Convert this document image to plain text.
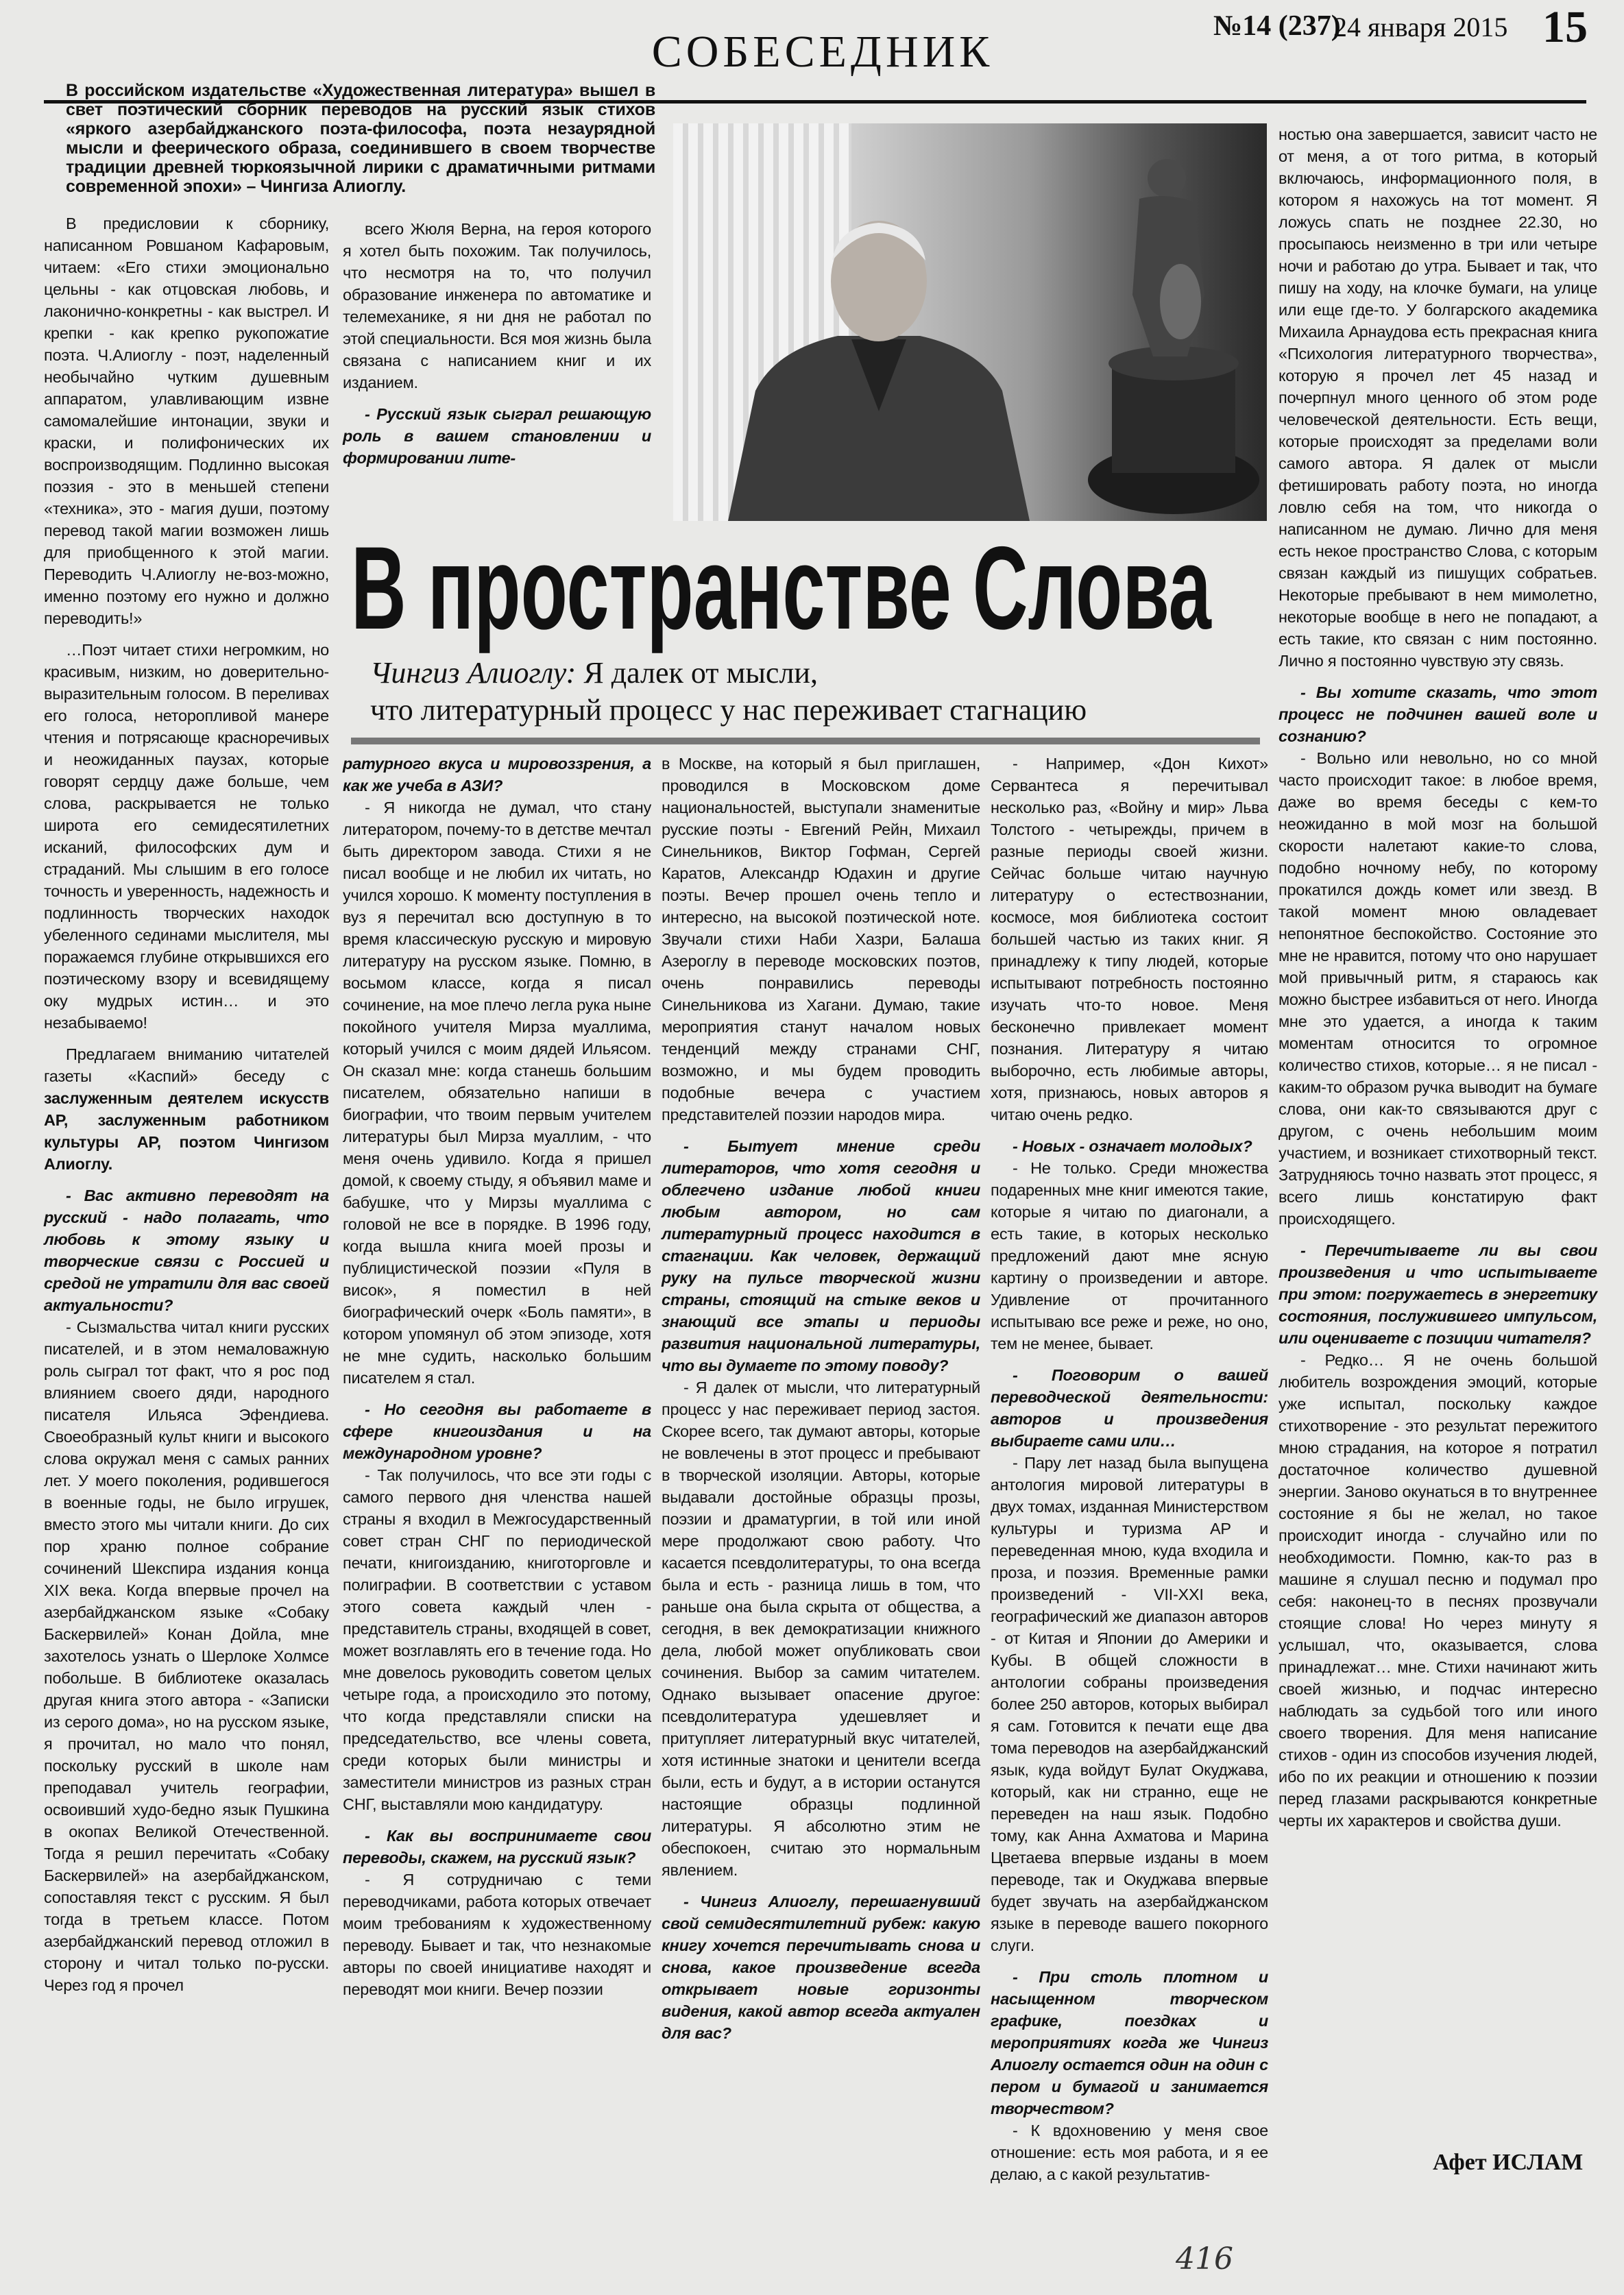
СОБЕСЕДНИК
№14 (237)
24 января 2015 15
В российском издательстве «Художественная литература» вышел в свет поэтический сборник переводов на русский язык стихов «яркого азербайджанского поэта-философа, поэта незаурядной мысли и феерического образа, соединившего в своем творчестве традиции древней тюркоязычной лирики с драматичными ритмами современной эпохи» – Чингиза Алиоглу.
В пространстве Слова
Чингиз Алиоглу: Я далек от мысли,
что литературный процесс у нас переживает стагнацию

В предисловии к сборнику, написанном Ровшаном Кафаровым, читаем: «Его стихи эмоционально цельны - как отцовская любовь, и лаконично-конкретны - как выстрел. И крепки - как крепко рукопожатие поэта. Ч.Алиоглу - поэт, наделенный необычайно чутким душевным аппаратом, улавливающим извне самомалейшие интонации, звуки и краски, и полифонических их воспроизводящим. Подлинно высокая поэзия - это в меньшей степени «техника», это - магия души, поэтому перевод такой магии возможен лишь для приобщенного к этой магии. Переводить Ч.Алиоглу не-воз-можно, именно поэтому его нужно и должно переводить!»

…Поэт читает стихи негромким, но красивым, низким, но доверительно-выразительным голосом. В переливах его голоса, неторопливой манере чтения и потрясающе красноречивых и неожиданных паузах, которые говорят сердцу даже больше, чем слова, раскрывается не только широта его семидесятилетних исканий, философских дум и страданий. Мы слышим в его голосе точность и уверенность, надежность и подлинность творческих находок убеленного сединами мыслителя, мы поражаемся глубине открывшихся его поэтическому взору и всевидящему оку мудрых истин… и это незабываемо!

Предлагаем вниманию читателей газеты «Каспий» беседу с заслуженным деятелем искусств АР, заслуженным работником культуры АР, поэтом Чингизом Алиоглу.

- Вас активно переводят на русский - надо полагать, что любовь к этому языку и творческие связи с Россией и средой не утратили для вас своей актуальности?

- Сызмальства читал книги русских писателей, и в этом немаловажную роль сыграл тот факт, что я рос под влиянием своего дяди, народного писателя Ильяса Эфендиева. Своеобразный культ книги и высокого слова окружал меня с самых ранних лет. У моего поколения, родившегося в военные годы, не было игрушек, вместо этого мы читали книги. До сих пор храню полное собрание сочинений Шекспира издания конца XIX века. Когда впервые прочел на азербайджанском языке «Собаку Баскервилей» Конан Дойла, мне захотелось узнать о Шерлоке Холмсе побольше. В библиотеке оказалась другая книга этого автора - «Записки из серого дома», но на русском языке, я прочитал, но мало что понял, поскольку русский в школе нам преподавал учитель географии, освоивший худо-бедно язык Пушкина в окопах Великой Отечественной. Тогда я решил перечитать «Собаку Баскервилей» на азербайджанском, сопоставляя текст с русским. Я был тогда в третьем классе. Потом азербайджанский перевод отложил в сторону и читал только по-русски. Через год я прочел

всего Жюля Верна, на героя которого я хотел быть похожим. Так получилось, что несмотря на то, что получил образование инженера по автоматике и телемеханике, я ни дня не работал по этой специальности. Вся моя жизнь была связана с написанием книг и их изданием.

- Русский язык сыграл решающую роль в вашем становлении и формировании лите-

ратурного вкуса и мировоззрения, а как же учеба в АЗИ?

- Я никогда не думал, что стану литератором, почему-то в детстве мечтал быть директором завода. Стихи я не писал вообще и не любил их читать, но учился хорошо. К моменту поступления в вуз я перечитал всю доступную в то время классическую русскую и мировую литературу на русском языке. Помню, в восьмом классе, когда я писал сочинение, на мое плечо легла рука ныне покойного учителя Мирза муаллима, который учился с моим дядей Ильясом. Он сказал мне: когда станешь большим писателем, обязательно напиши в биографии, что твоим первым учителем литературы был Мирза муаллим, - что меня очень удивило. Когда я пришел домой, к своему стыду, я объявил маме и бабушке, что у Мирзы муаллима с головой не все в порядке. В 1996 году, когда вышла книга моей прозы и публицистической поэзии «Пуля в висок», я поместил в ней биографический очерк «Боль памяти», в котором упомянул об этом эпизоде, хотя не мне судить, насколько большим писателем я стал.

- Но сегодня вы работаете в сфере книгоиздания и на международном уровне?

- Так получилось, что все эти годы с самого первого дня членства нашей страны я входил в Межгосударственный совет стран СНГ по периодической печати, книгоизданию, книготорговле и полиграфии. В соответствии с уставом этого совета каждый член - представитель страны, входящей в совет, может возглавлять его в течение года. Но мне довелось руководить советом целых четыре года, а происходило это потому, что когда представляли списки на председательство, все члены совета, среди которых были министры и заместители министров из разных стран СНГ, выставляли мою кандидатуру.

- Как вы воспринимаете свои переводы, скажем, на русский язык?

- Я сотрудничаю с теми переводчиками, работа которых отвечает моим требованиям к художественному переводу. Бывает и так, что незнакомые авторы по своей инициативе находят и переводят мои книги. Вечер поэзии

в Москве, на который я был приглашен, проводился в Московском доме национальностей, выступали знаменитые русские поэты - Евгений Рейн, Михаил Синельников, Виктор Гофман, Сергей Каратов, Александр Юдахин и другие поэты. Вечер прошел очень тепло и интересно, на высокой поэтической ноте. Звучали стихи Наби Хазри, Балаша Азероглу в переводе московских поэтов, очень понравились переводы Синельникова из Хагани. Думаю, такие мероприятия станут началом новых тенденций между странами СНГ, возможно, и мы будем проводить подобные вечера с участием представителей поэзии народов мира.

- Бытует мнение среди литераторов, что хотя сегодня и облегчено издание любой книги любым автором, но сам литературный процесс находится в стагнации. Как человек, держащий руку на пульсе творческой жизни страны, стоящий на стыке веков и знающий все этапы и периоды развития национальной литературы, что вы думаете по этому поводу?

- Я далек от мысли, что литературный процесс у нас переживает период застоя. Скорее всего, так думают авторы, которые не вовлечены в этот процесс и пребывают в творческой изоляции. Авторы, которые выдавали достойные образцы прозы, поэзии и драматургии, в той или иной мере продолжают свою работу. Что касается псевдолитературы, то она всегда была и есть - разница лишь в том, что раньше она была скрыта от общества, а сегодня, в век демократизации книжного дела, любой может опубликовать свои сочинения. Выбор за самим читателем. Однако вызывает опасение другое: псевдолитература удешевляет и притупляет литературный вкус читателей, хотя истинные знатоки и ценители всегда были, есть и будут, а в истории останутся настоящие образцы подлинной литературы. Я абсолютно этим не обеспокоен, считаю это нормальным явлением.

- Чингиз Алиоглу, перешагнувший свой семидесятилетний рубеж: какую книгу хочется перечитывать снова и снова, какое произведение всегда открывает новые горизонты видения, какой автор всегда актуален для вас?

- Например, «Дон Кихот» Сервантеса я перечитывал несколько раз, «Войну и мир» Льва Толстого - четырежды, причем в разные периоды своей жизни. Сейчас больше читаю научную литературу о естествознании, космосе, моя библиотека состоит большей частью из таких книг. Я принадлежу к типу людей, которые испытывают потребность постоянно изучать что-то новое. Меня бесконечно привлекает момент познания. Литературу я читаю выборочно, есть любимые авторы, хотя, признаюсь, новых авторов я читаю очень редко.

- Новых - означает молодых?

- Не только. Среди множества подаренных мне книг имеются такие, которые я читаю по диагонали, а есть такие, в которых несколько предложений дают мне ясную картину о произведении и авторе. Удивление от прочитанного испытываю все реже и реже, но оно, тем не менее, бывает.

- Поговорим о вашей переводческой деятельности: авторов и произведения выбираете сами или…

- Пару лет назад была выпущена антология мировой литературы в двух томах, изданная Министерством культуры и туризма АР и переведенная мною, куда входила и проза, и поэзия. Временные рамки произведений - VII-XXI века, географический же диапазон авторов - от Китая и Японии до Америки и Кубы. В общей сложности в антологии собраны произведения более 250 авторов, которых выбирал я сам. Готовится к печати еще два тома переводов на азербайджанский язык, куда войдут Булат Окуджава, который, как ни странно, еще не переведен на наш язык. Подобно тому, как Анна Ахматова и Марина Цветаева впервые изданы в моем переводе, так и Окуджава впервые будет звучать на азербайджанском языке в переводе вашего покорного слуги.

- При столь плотном и насыщенном творческом графике, поездках и мероприятиях когда же Чингиз Алиоглу остается один на один с пером и бумагой и занимается творчеством?

- К вдохновению у меня свое отношение: есть моя работа, и я ее делаю, а с какой результатив-

ностью она завершается, зависит часто не от меня, а от того ритма, в который включаюсь, информационного поля, в котором я нахожусь на тот момент. Я ложусь спать не позднее 22.30, но просыпаюсь неизменно в три или четыре ночи и работаю до утра. Бывает и так, что пишу на ходу, на клочке бумаги, на улице или еще где-то. У болгарского академика Михаила Арнаудова есть прекрасная книга «Психология литературного творчества», которую я прочел лет 45 назад и почерпнул много ценного об этом роде человеческой деятельности. Есть вещи, которые происходят за пределами воли самого автора. Я далек от мысли фетишировать работу поэта, но иногда ловлю себя на том, что никогда о написанном не думаю. Лично для меня есть некое пространство Слова, с которым связан каждый из пишущих собратьев. Некоторые пребывают в нем мимолетно, некоторые вообще в него не попадают, а есть такие, кто связан с ним постоянно. Лично я постоянно чувствую эту связь.

- Вы хотите сказать, что этот процесс не подчинен вашей воле и сознанию?

- Вольно или невольно, но со мной часто происходит такое: в любое время, даже во время беседы с кем-то неожиданно в мой мозг на большой скорости налетают какие-то слова, подобно ночному небу, по которому прокатился дождь комет или звезд. В такой момент мною овладевает непонятное беспокойство. Состояние это мне не нравится, потому что оно нарушает мой привычный ритм, я стараюсь как можно быстрее избавиться от него. Иногда мне это удается, а иногда к таким моментам относится то огромное количество стихов, которые… я не писал - каким-то образом ручка выводит на бумаге слова, они как-то связываются друг с другом, с очень небольшим моим участием, и возникает стихотворный текст. Затрудняюсь точно назвать этот процесс, я всего лишь констатирую факт происходящего.

- Перечитываете ли вы свои произведения и что испытываете при этом: погружаетесь в энергетику состояния, послужившего импульсом, или оцениваете с позиции читателя?

- Редко… Я не очень большой любитель возрождения эмоций, которые уже испытал, поскольку каждое стихотворение - это результат пережитого мною страдания, на которое я потратил достаточное количество душевной энергии. Заново окунаться в то внутреннее состояние я бы не желал, но такое происходит иногда - случайно или по необходимости. Помню, как-то раз в машине я слушал песню и подумал про себя: наконец-то в песнях прозвучали стоящие слова! Но через минуту я услышал, что, оказывается, слова принадлежат… мне. Стихи начинают жить своей жизнью, и подчас интересно наблюдать за судьбой того или иного своего творения. Для меня написание стихов - один из способов изучения людей, ибо по их реакции и отношению к поэзии перед глазами раскрываются конкретные черты их характеров и свойства души.

Афет ИСЛАМ
416
